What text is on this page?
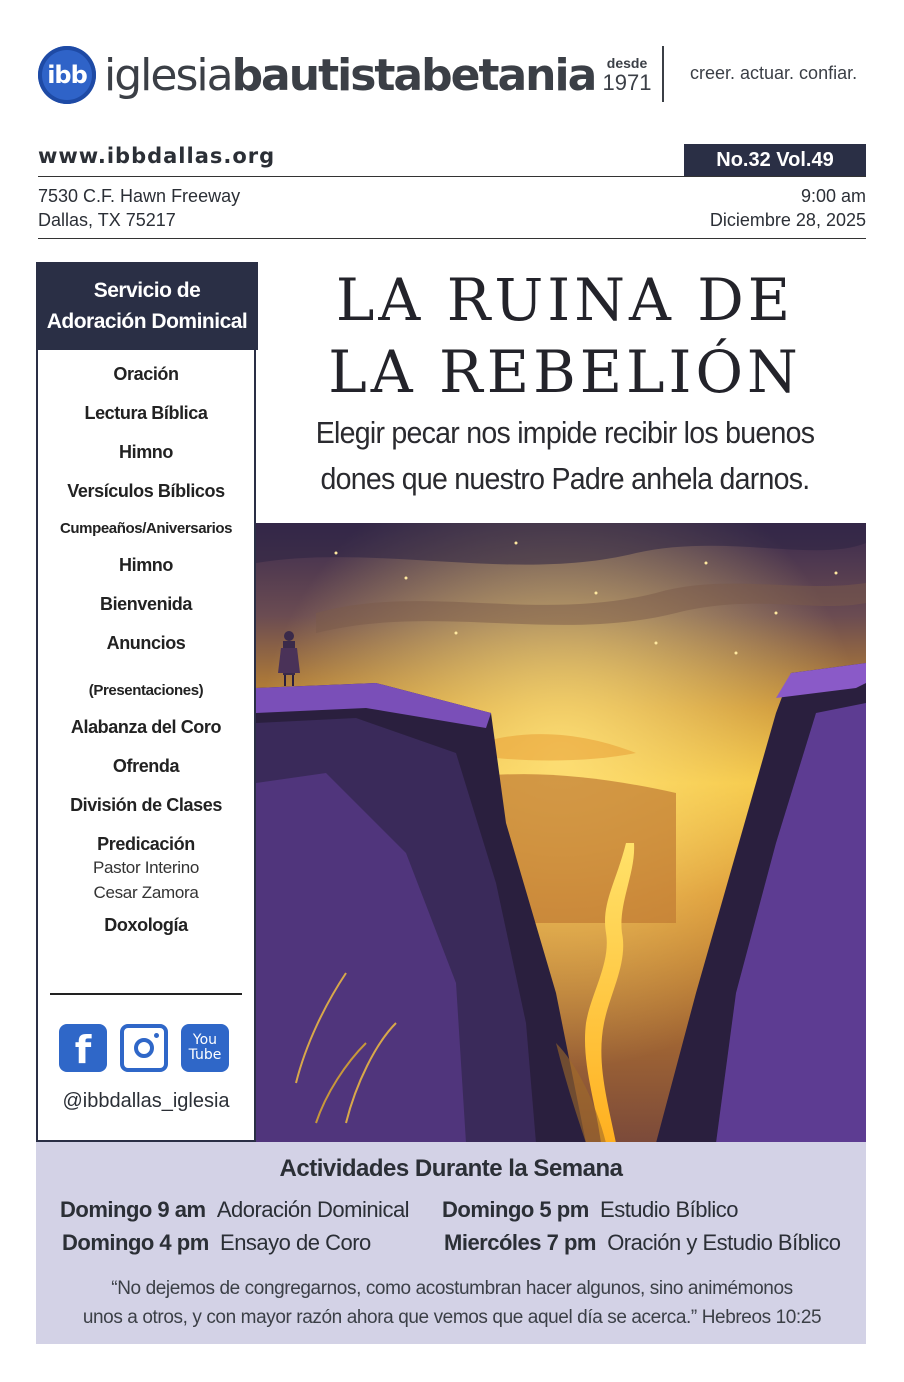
ibb iglesiabautistabetania desde
1971 creer. actuar. confiar.
www.ibbdallas.org	No.32 Vol.49
7530 C.F. Hawn Freeway
Dallas, TX 75217
9:00 am
Diciembre 28, 2025
Servicio de
Adoración Dominical
Oración
Lectura Bíblica
Himno
Versículos Bíblicos
Cumpeaños/Aniversarios
Himno
Bienvenida
Anuncios
(Presentaciones)
Alabanza del Coro
Ofrenda
División de Clases
Predicación
Pastor Interino
Cesar Zamora
Doxología
f	You
Tube
@ibbdallas_iglesia
LA RUINA DE
LA REBELIÓN
Elegir pecar nos impide recibir los buenos
dones que nuestro Padre anhela darnos.
Actividades Durante la Semana
Domingo 9 am Adoración Dominical Domingo 5 pm Estudio Bíblico
Domingo 4 pm Ensayo de Coro	Miercóles 7 pm Oración y Estudio Bíblico
“No dejemos de congregarnos, como acostumbran hacer algunos, sino animémonos
unos a otros, y con mayor razón ahora que vemos que aquel día se acerca.” Hebreos 10:25
